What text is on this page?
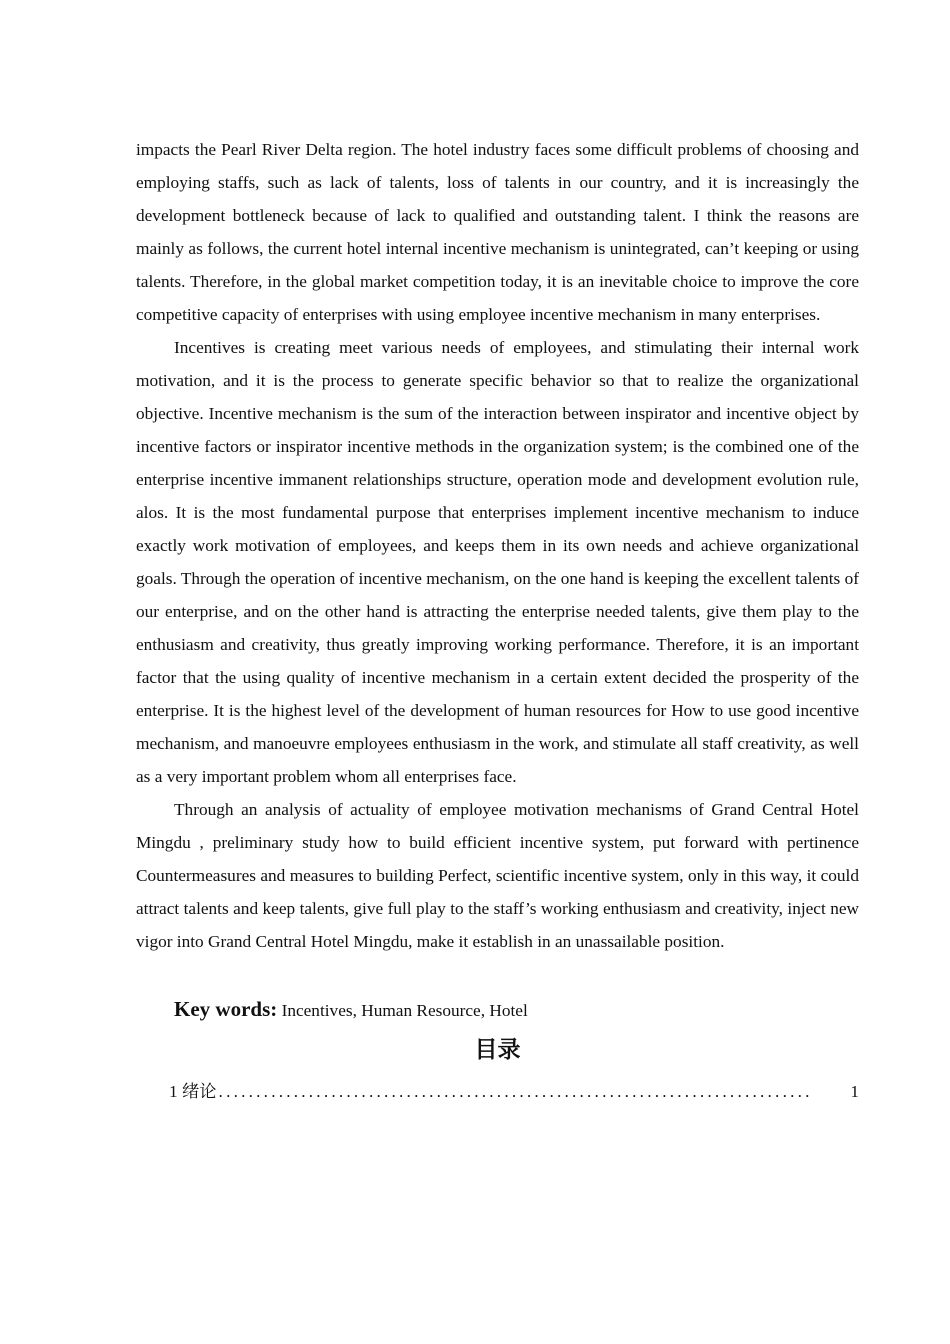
impacts the Pearl River Delta region. The hotel industry faces some difficult problems of choosing and employing staffs, such as lack of talents, loss of talents in our country, and it is increasingly the development bottleneck because of lack to qualified and outstanding talent. I think the reasons are mainly as follows, the current hotel internal incentive mechanism is unintegrated, can’t keeping or using talents. Therefore, in the global market competition today, it is an inevitable choice to improve the core competitive capacity of enterprises with using employee incentive mechanism in many enterprises.

Incentives is creating meet various needs of employees, and stimulating their internal work motivation, and it is the process to generate specific behavior so that to realize the organizational objective. Incentive mechanism is the sum of the interaction between inspirator and incentive object by incentive factors or inspirator incentive methods in the organization system; is the combined one of the enterprise incentive immanent relationships structure, operation mode and development evolution rule, alos. It is the most fundamental purpose that enterprises implement incentive mechanism to induce exactly work motivation of employees, and keeps them in its own needs and achieve organizational goals. Through the operation of incentive mechanism, on the one hand is keeping the excellent talents of our enterprise, and on the other hand is attracting the enterprise needed talents, give them play to the enthusiasm and creativity, thus greatly improving working performance. Therefore, it is an important factor that the using quality of incentive mechanism in a certain extent decided the prosperity of the enterprise. It is the highest level of the development of human resources for How to use good incentive mechanism, and manoeuvre employees enthusiasm in the work, and stimulate all staff creativity, as well as a very important problem whom all enterprises face.

Through an analysis of actuality of employee motivation mechanisms of Grand Central Hotel Mingdu , preliminary study how to build efficient incentive system, put forward with pertinence Countermeasures and measures to building Perfect, scientific incentive system, only in this way, it could attract talents and keep talents, give full play to the staff’s working enthusiasm and creativity, inject new vigor into Grand Central Hotel Mingdu, make it establish in an unassailable position.

Key words: Incentives, Human Resource, Hotel

目录
1 绪论 ...............................................................................	1
